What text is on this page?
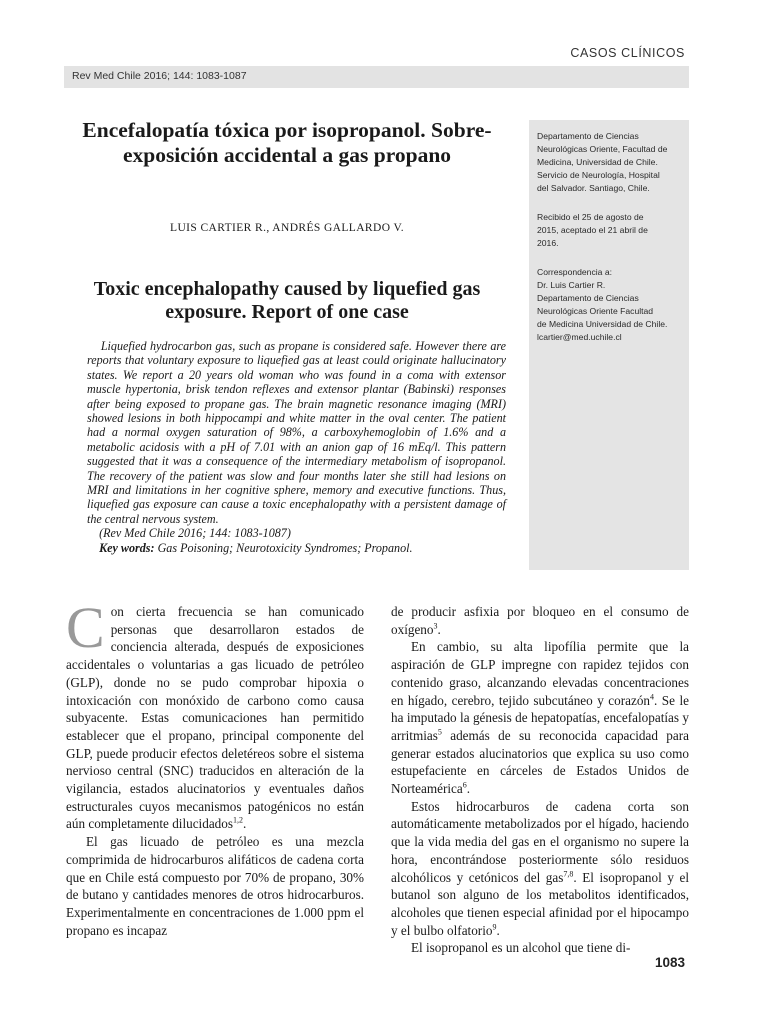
CASOS CLÍNICOS
Rev Med Chile 2016; 144: 1083-1087
Encefalopatía tóxica por isopropanol. Sobre-exposición accidental a gas propano
LUIS CARTIER R., ANDRÉS GALLARDO V.
Toxic encephalopathy caused by liquefied gas exposure. Report of one case

Liquefied hydrocarbon gas, such as propane is considered safe. However there are reports that voluntary exposure to liquefied gas at least could originate hallucinatory states. We report a 20 years old woman who was found in a coma with extensor muscle hypertonia, brisk tendon reflexes and extensor plantar (Babinski) responses after being exposed to propane gas. The brain magnetic resonance imaging (MRI) showed lesions in both hippocampi and white matter in the oval center. The patient had a normal oxygen saturation of 98%, a carboxyhemoglobin of 1.6% and a metabolic acidosis with a pH of 7.01 with an anion gap of 16 mEq/l. This pattern suggested that it was a consequence of the intermediary metabolism of isopropanol. The recovery of the patient was slow and four months later she still had lesions on MRI and limitations in her cognitive sphere, memory and executive functions. Thus, liquefied gas exposure can cause a toxic encephalopathy with a persistent damage of the central nervous system.

(Rev Med Chile 2016; 144: 1083-1087)

Key words: Gas Poisoning; Neurotoxicity Syndromes; Propanol.

Departamento de Ciencias
Neurológicas Oriente, Facultad de
Medicina, Universidad de Chile.
Servicio de Neurología, Hospital
del Salvador. Santiago, Chile.
Recibido el 25 de agosto de
2015, aceptado el 21 abril de
2016.
Correspondencia a:
Dr. Luis Cartier R.
Departamento de Ciencias
Neurológicas Oriente Facultad
de Medicina Universidad de Chile.
lcartier@med.uchile.cl

Con cierta frecuencia se han comunicado personas que desarrollaron estados de conciencia alterada, después de exposiciones accidentales o voluntarias a gas licuado de petróleo (GLP), donde no se pudo comprobar hipoxia o intoxicación con monóxido de carbono como causa subyacente. Estas comunicaciones han permitido establecer que el propano, principal componente del GLP, puede producir efectos deletéreos sobre el sistema nervioso central (SNC) traducidos en alteración de la vigilancia, estados alucinatorios y eventuales daños estructurales cuyos mecanismos patogénicos no están aún completamente dilucidados$^{1,2}$.

El gas licuado de petróleo es una mezcla comprimida de hidrocarburos alifáticos de cadena corta que en Chile está compuesto por 70% de propano, 30% de butano y cantidades menores de otros hidrocarburos. Experimentalmente en concentraciones de 1.000 ppm el propano es incapaz

de producir asfixia por bloqueo en el consumo de oxígeno$^3$.

En cambio, su alta lipofília permite que la aspiración de GLP impregne con rapidez tejidos con contenido graso, alcanzando elevadas concentraciones en hígado, cerebro, tejido subcutáneo y corazón$^4$. Se le ha imputado la génesis de hepatopatías, encefalopatías y arritmias$^5$ además de su reconocida capacidad para generar estados alucinatorios que explica su uso como estupefaciente en cárceles de Estados Unidos de Norteamérica$^6$.

Estos hidrocarburos de cadena corta son automáticamente metabolizados por el hígado, haciendo que la vida media del gas en el organismo no supere la hora, encontrándose posteriormente sólo residuos alcohólicos y cetónicos del gas$^{7,8}$. El isopropanol y el butanol son alguno de los metabolitos identificados, alcoholes que tienen especial afinidad por el hipocampo y el bulbo olfatorio$^9$.

El isopropanol es un alcohol que tiene di-

1083
